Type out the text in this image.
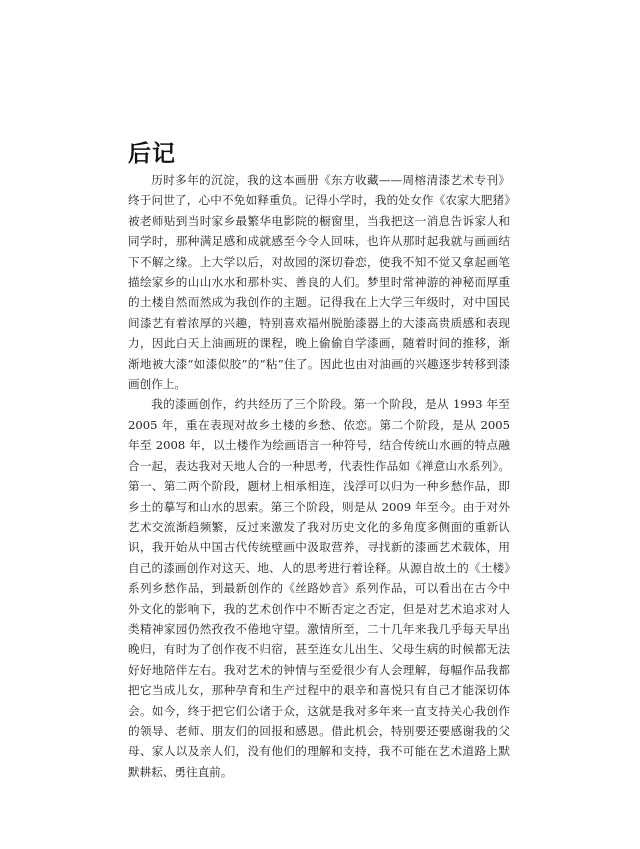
后记

历时多年的沉淀，我的这本画册《东方收藏——周榕清漆艺术专刊》终于问世了，心中不免如释重负。记得小学时，我的处女作《农家大肥猪》被老师贴到当时家乡最繁华电影院的橱窗里，当我把这一消息告诉家人和同学时，那种满足感和成就感至今令人回味，也许从那时起我就与画画结下不解之缘。上大学以后，对故园的深切眷恋，使我不知不觉又拿起画笔描绘家乡的山山水水和那朴实、善良的人们。梦里时常神游的神秘而厚重的土楼自然而然成为我创作的主题。记得我在上大学三年级时，对中国民间漆艺有着浓厚的兴趣，特别喜欢福州脱胎漆器上的大漆高贵质感和表现力，因此白天上油画班的课程，晚上偷偷自学漆画，随着时间的推移，渐渐地被大漆“如漆似胶”的“粘”住了。因此也由对油画的兴趣逐步转移到漆画创作上。

我的漆画创作，约共经历了三个阶段。第一个阶段，是从 1993 年至 2005 年，重在表现对故乡土楼的乡愁、依恋。第二个阶段，是从 2005 年至 2008 年，以土楼作为绘画语言一种符号，结合传统山水画的特点融合一起，表达我对天地人合的一种思考，代表性作品如《禅意山水系列》。第一、第二两个阶段，题材上相承相连，浅浮可以归为一种乡愁作品，即乡土的摹写和山水的思索。第三个阶段，则是从 2009 年至今。由于对外艺术交流渐趋频繁，反过来激发了我对历史文化的多角度多侧面的重新认识，我开始从中国古代传统壁画中汲取营养，寻找新的漆画艺术载体，用自己的漆画创作对这天、地、人的思考进行着诠释。从源自故土的《土楼》系列乡愁作品，到最新创作的《丝路妙音》系列作品，可以看出在古今中外文化的影响下，我的艺术创作中不断否定之否定，但是对艺术追求对人类精神家园仍然孜孜不倦地守望。激情所至，二十几年来我几乎每天早出晚归，有时为了创作夜不归宿，甚至连女儿出生、父母生病的时候都无法好好地陪伴左右。我对艺术的钟情与至爱很少有人会理解，每幅作品我都把它当成儿女，那种孕育和生产过程中的艰辛和喜悦只有自己才能深切体会。如今，终于把它们公诸于众，这就是我对多年来一直支持关心我创作的领导、老师、朋友们的回报和感恩。借此机会，特别要还要感谢我的父母、家人以及亲人们，没有他们的理解和支持，我不可能在艺术道路上默默耕耘、勇往直前。
